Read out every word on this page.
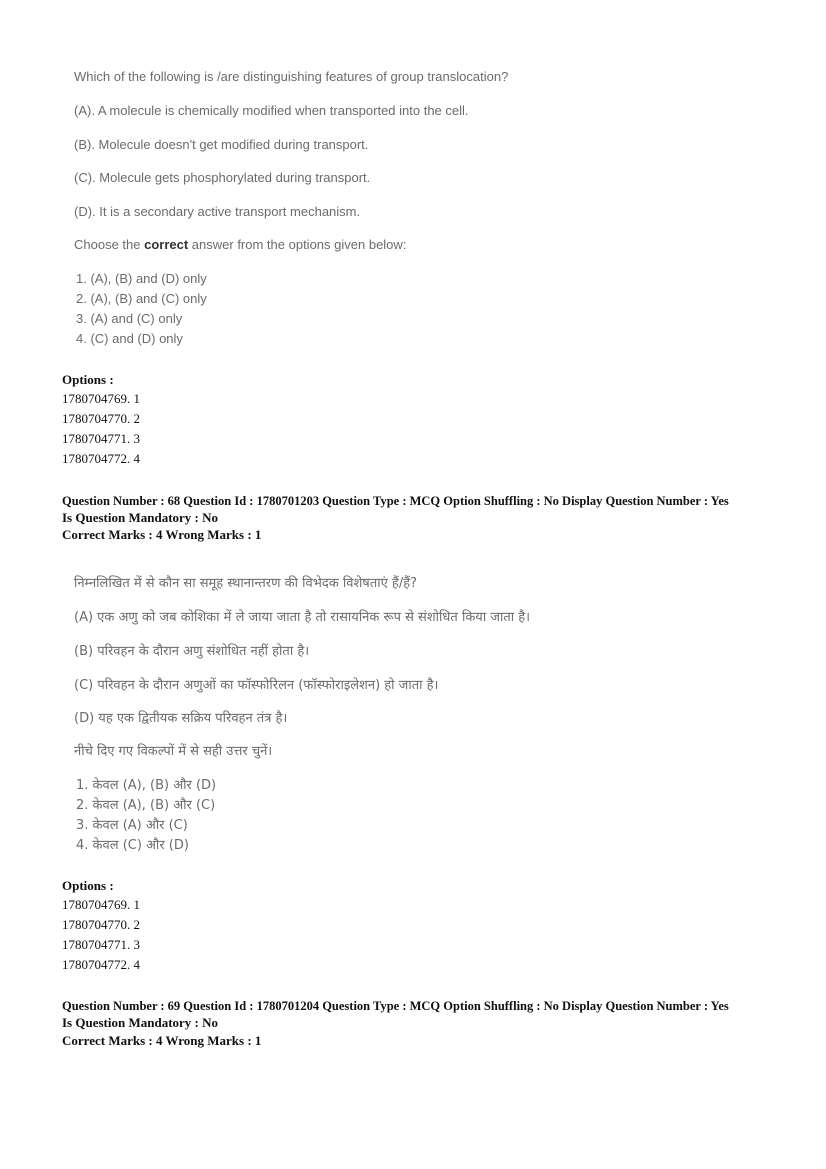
Which of the following is /are distinguishing features of group translocation?
(A). A molecule is chemically modified when transported into the cell.
(B). Molecule doesn't get modified during transport.
(C). Molecule gets phosphorylated during transport.
(D). It is a secondary active transport mechanism.
Choose the correct answer from the options given below:
1. (A), (B) and (D) only
2. (A), (B) and (C) only
3. (A) and (C) only
4. (C) and (D) only
Options :
1780704769. 1
1780704770. 2
1780704771. 3
1780704772. 4
Question Number : 68 Question Id : 1780701203 Question Type : MCQ Option Shuffling : No Display Question Number : Yes
Is Question Mandatory : No
Correct Marks : 4 Wrong Marks : 1
निम्नलिखित में से कौन सा समूह स्थानान्तरण की विभेदक विशेषताएं हैं/हैं?
(A) एक अणु को जब कोशिका में ले जाया जाता है तो रासायनिक रूप से संशोधित किया जाता है।
(B) परिवहन के दौरान अणु संशोधित नहीं होता है।
(C) परिवहन के दौरान अणुओं का फॉस्फोरिलन (फॉस्फोराइलेशन) हो जाता है।
(D) यह एक द्वितीयक सक्रिय परिवहन तंत्र है।
नीचे दिए गए विकल्पों में से सही उत्तर चुनें।
1. केवल (A), (B) और (D)
2. केवल (A), (B) और (C)
3. केवल (A) और (C)
4. केवल (C) और (D)
Options :
1780704769. 1
1780704770. 2
1780704771. 3
1780704772. 4
Question Number : 69 Question Id : 1780701204 Question Type : MCQ Option Shuffling : No Display Question Number : Yes
Is Question Mandatory : No
Correct Marks : 4 Wrong Marks : 1
